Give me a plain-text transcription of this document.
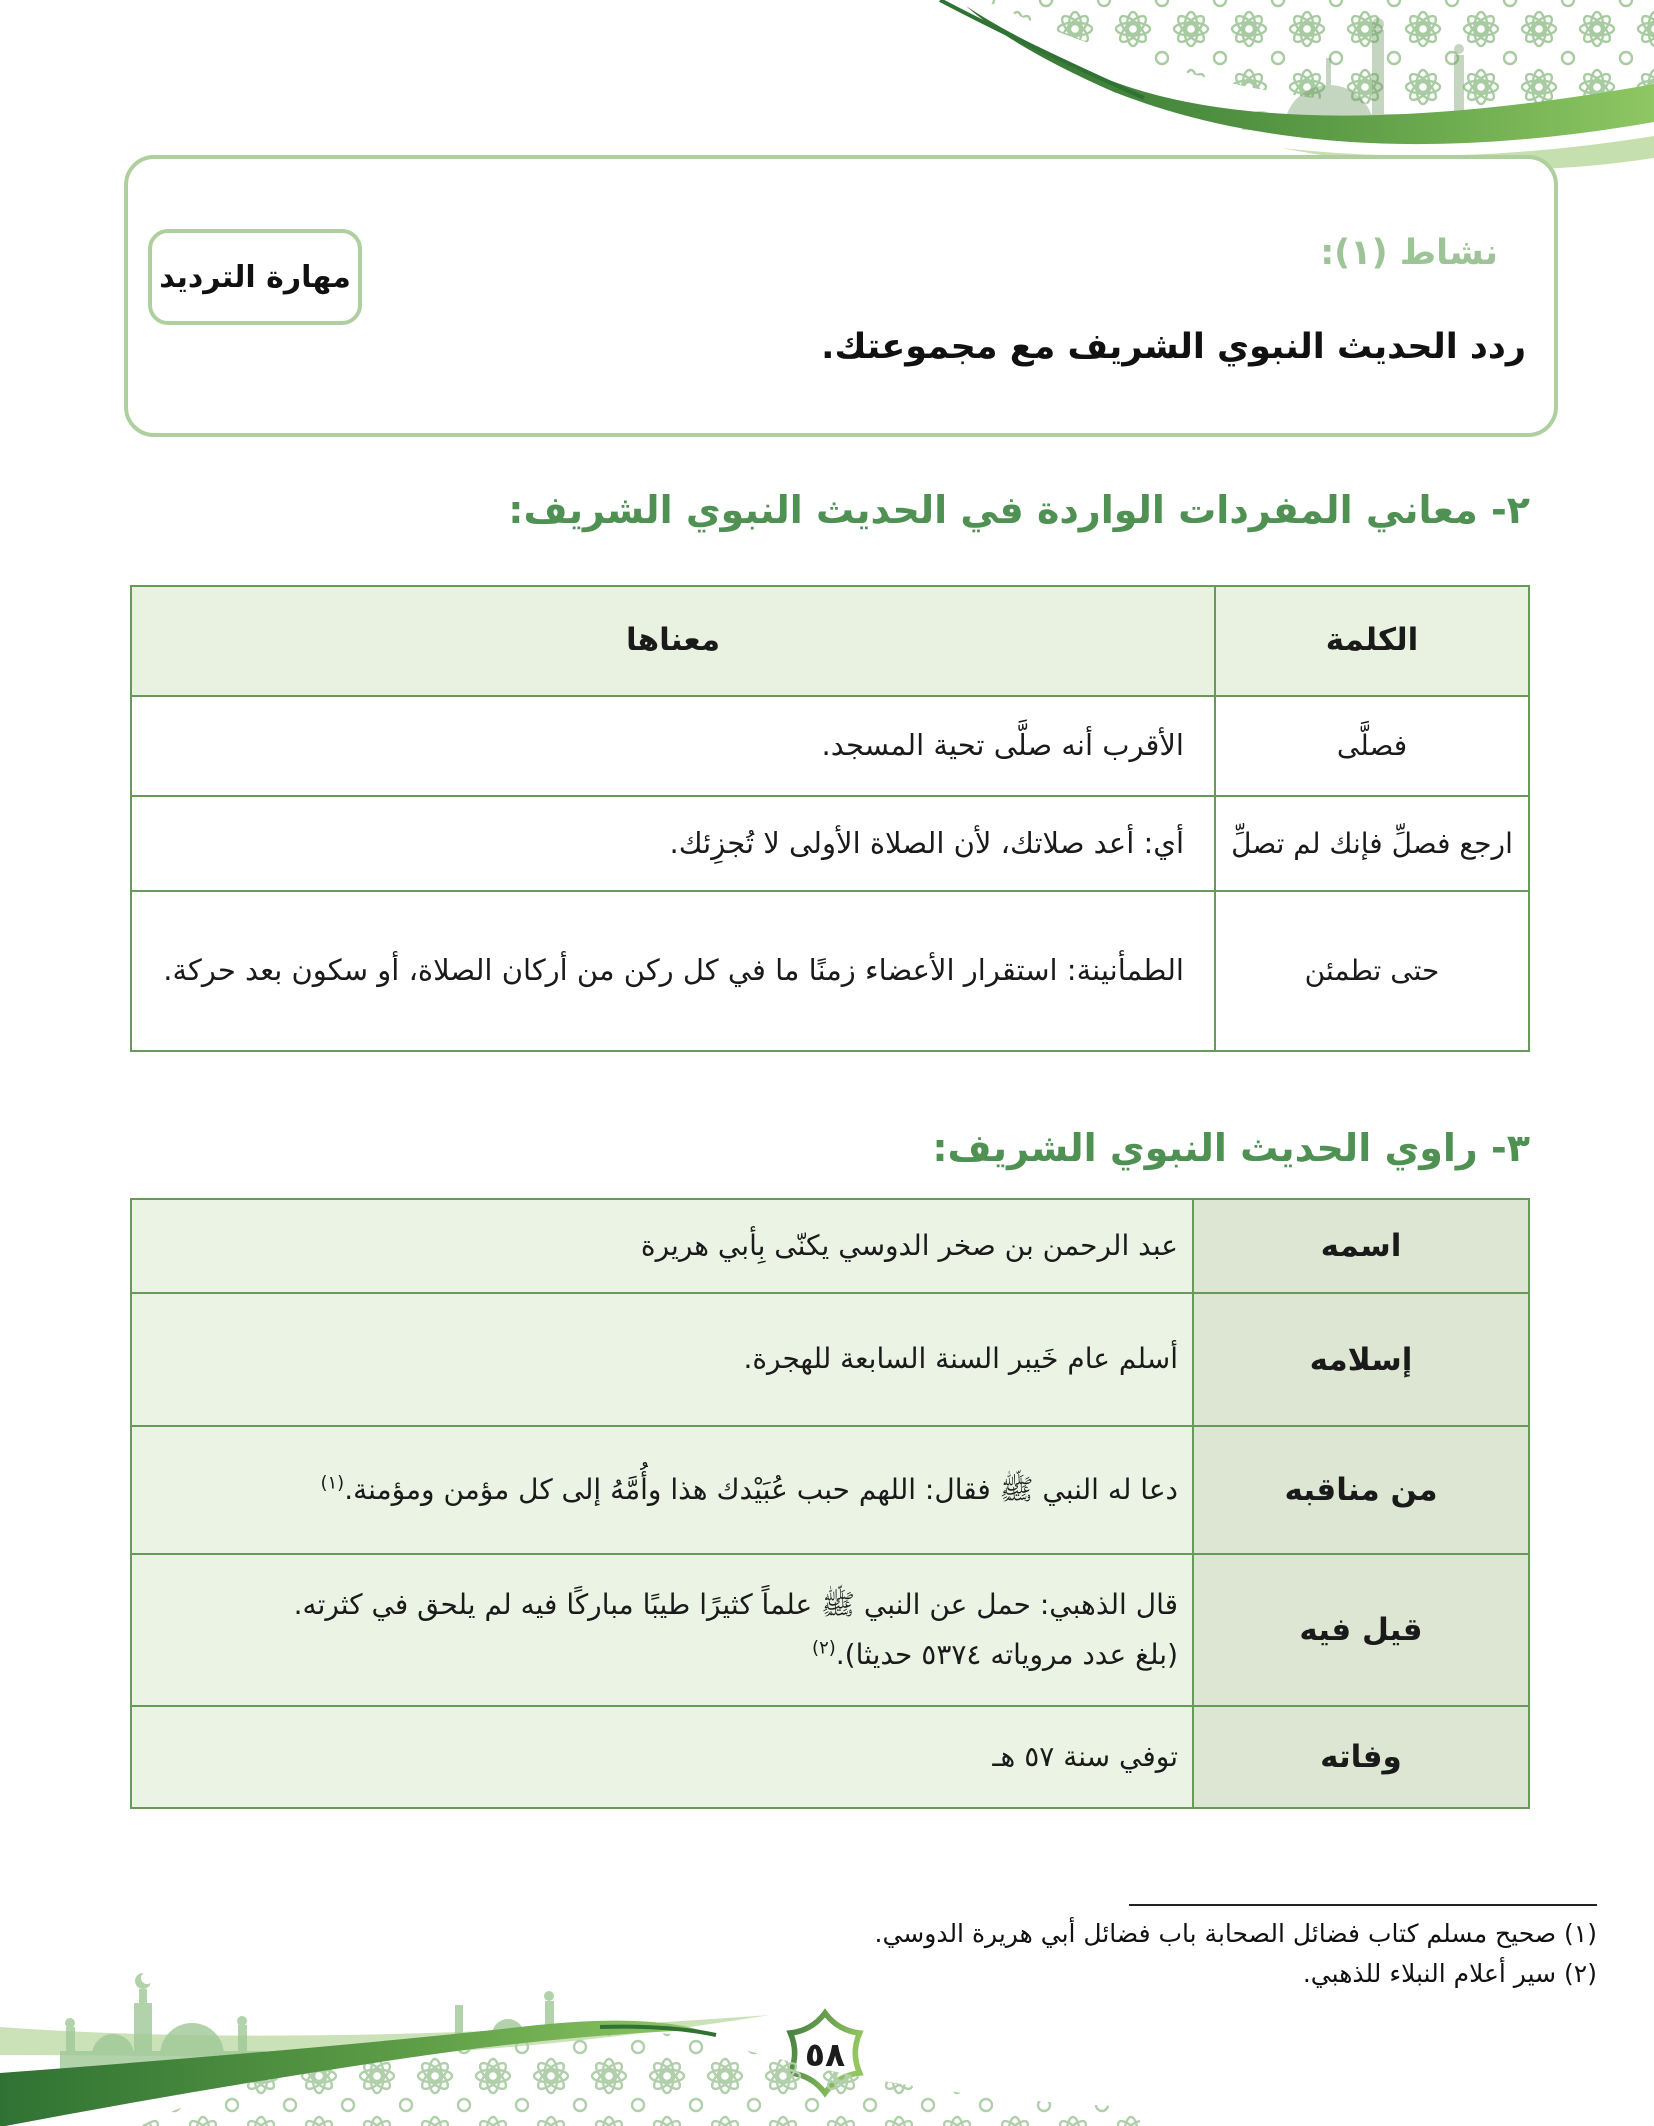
مهارة الترديد
نشاط (١):
ردد الحديث النبوي الشريف مع مجموعتك.
٢- معاني المفردات الواردة في الحديث النبوي الشريف:
الكلمة
معناها
فصلَّى
الأقرب أنه صلَّى تحية المسجد.
ارجع فصلِّ فإنك لم تصلِّ
أي: أعد صلاتك، لأن الصلاة الأولى لا تُجزِئك.
حتى تطمئن
الطمأنينة: استقرار الأعضاء زمنًا ما في كل ركن من أركان الصلاة، أو سكون بعد حركة.
٣- راوي الحديث النبوي الشريف:
اسمه
عبد الرحمن بن صخر الدوسي يكنّى بِأبي هريرة
إسلامه
أسلم عام خَيبر السنة السابعة للهجرة.
من مناقبه
دعا له النبي ﷺ فقال: اللهم حبب عُبَيْدك هذا وأُمَّهُ إلى كل مؤمن ومؤمنة.$^{(١)}$
قيل فيه
قال الذهبي: حمل عن النبي ﷺ علماً كثيرًا طيبًا مباركًا فيه لم يلحق في كثرته.
(بلغ عدد مروياته ٥٣٧٤ حديثا).$^{(٢)}$
وفاته
توفي سنة ٥٧ هـ
(١) صحيح مسلم كتاب فضائل الصحابة باب فضائل أبي هريرة الدوسي.
(٢) سير أعلام النبلاء للذهبي.
٥٨
